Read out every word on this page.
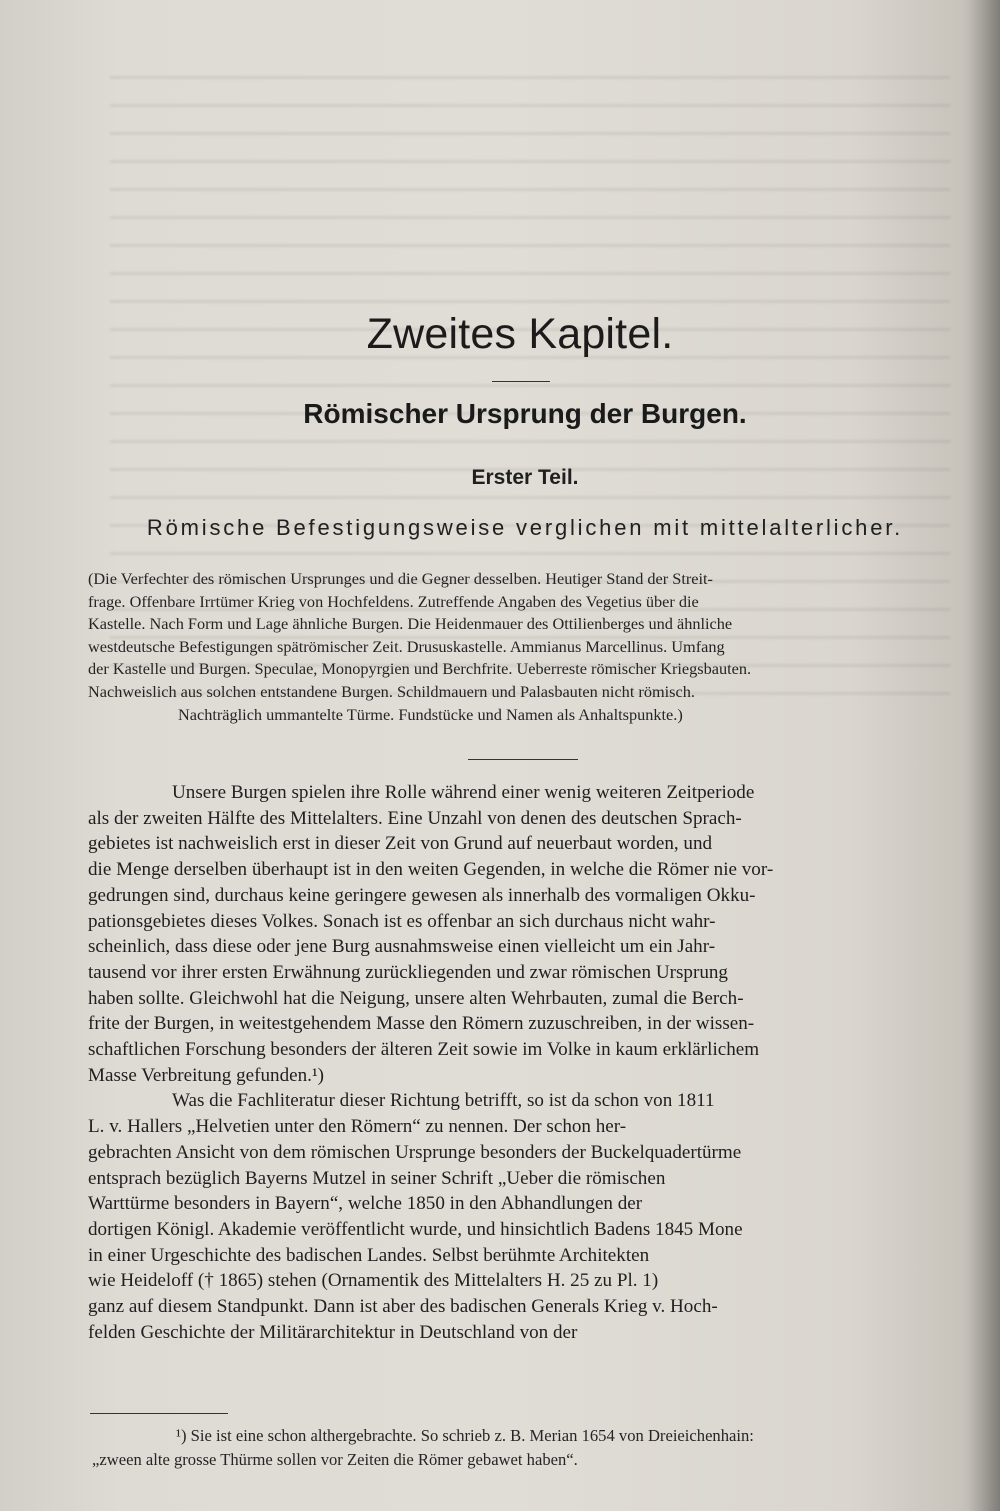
Zweites Kapitel.
Römischer Ursprung der Burgen.
Erster Teil.
Römische Befestigungsweise verglichen mit mittelalterlicher.
(Die Verfechter des römischen Ursprunges und die Gegner desselben. Heutiger Stand der Streit-
frage. Offenbare Irrtümer Krieg von Hochfeldens. Zutreffende Angaben des Vegetius über die
Kastelle. Nach Form und Lage ähnliche Burgen. Die Heidenmauer des Ottilienberges und ähnliche
westdeutsche Befestigungen spätrömischer Zeit. Drususkastelle. Ammianus Marcellinus. Umfang
der Kastelle und Burgen. Speculae, Monopyrgien und Berchfrite. Ueberreste römischer Kriegsbauten.
Nachweislich aus solchen entstandene Burgen. Schildmauern und Palasbauten nicht römisch.
Nachträglich ummantelte Türme. Fundstücke und Namen als Anhaltspunkte.)
Unsere Burgen spielen ihre Rolle während einer wenig weiteren Zeitperiode
als der zweiten Hälfte des Mittelalters. Eine Unzahl von denen des deutschen Sprach-
gebietes ist nachweislich erst in dieser Zeit von Grund auf neuerbaut worden, und
die Menge derselben überhaupt ist in den weiten Gegenden, in welche die Römer nie vor-
gedrungen sind, durchaus keine geringere gewesen als innerhalb des vormaligen Okku-
pationsgebietes dieses Volkes. Sonach ist es offenbar an sich durchaus nicht wahr-
scheinlich, dass diese oder jene Burg ausnahmsweise einen vielleicht um ein Jahr-
tausend vor ihrer ersten Erwähnung zurückliegenden und zwar römischen Ursprung
haben sollte. Gleichwohl hat die Neigung, unsere alten Wehrbauten, zumal die Berch-
frite der Burgen, in weitestgehendem Masse den Römern zuzuschreiben, in der wissen-
schaftlichen Forschung besonders der älteren Zeit sowie im Volke in kaum erklärlichem
Masse Verbreitung gefunden.¹)
Was die Fachliteratur dieser Richtung betrifft, so ist da schon von 1811
L. v. Hallers „Helvetien unter den Römern“ zu nennen. Der schon her-
gebrachten Ansicht von dem römischen Ursprunge besonders der Buckelquadertürme
entsprach bezüglich Bayerns Mutzel in seiner Schrift „Ueber die römischen
Warttürme besonders in Bayern“, welche 1850 in den Abhandlungen der
dortigen Königl. Akademie veröffentlicht wurde, und hinsichtlich Badens 1845 Mone
in einer Urgeschichte des badischen Landes. Selbst berühmte Architekten
wie Heideloff († 1865) stehen (Ornamentik des Mittelalters H. 25 zu Pl. 1)
ganz auf diesem Standpunkt. Dann ist aber des badischen Generals Krieg v. Hoch-
felden Geschichte der Militärarchitektur in Deutschland von der
¹) Sie ist eine schon althergebrachte. So schrieb z. B. Merian 1654 von Dreieichenhain:
„zween alte grosse Thürme sollen vor Zeiten die Römer gebawet haben“.
